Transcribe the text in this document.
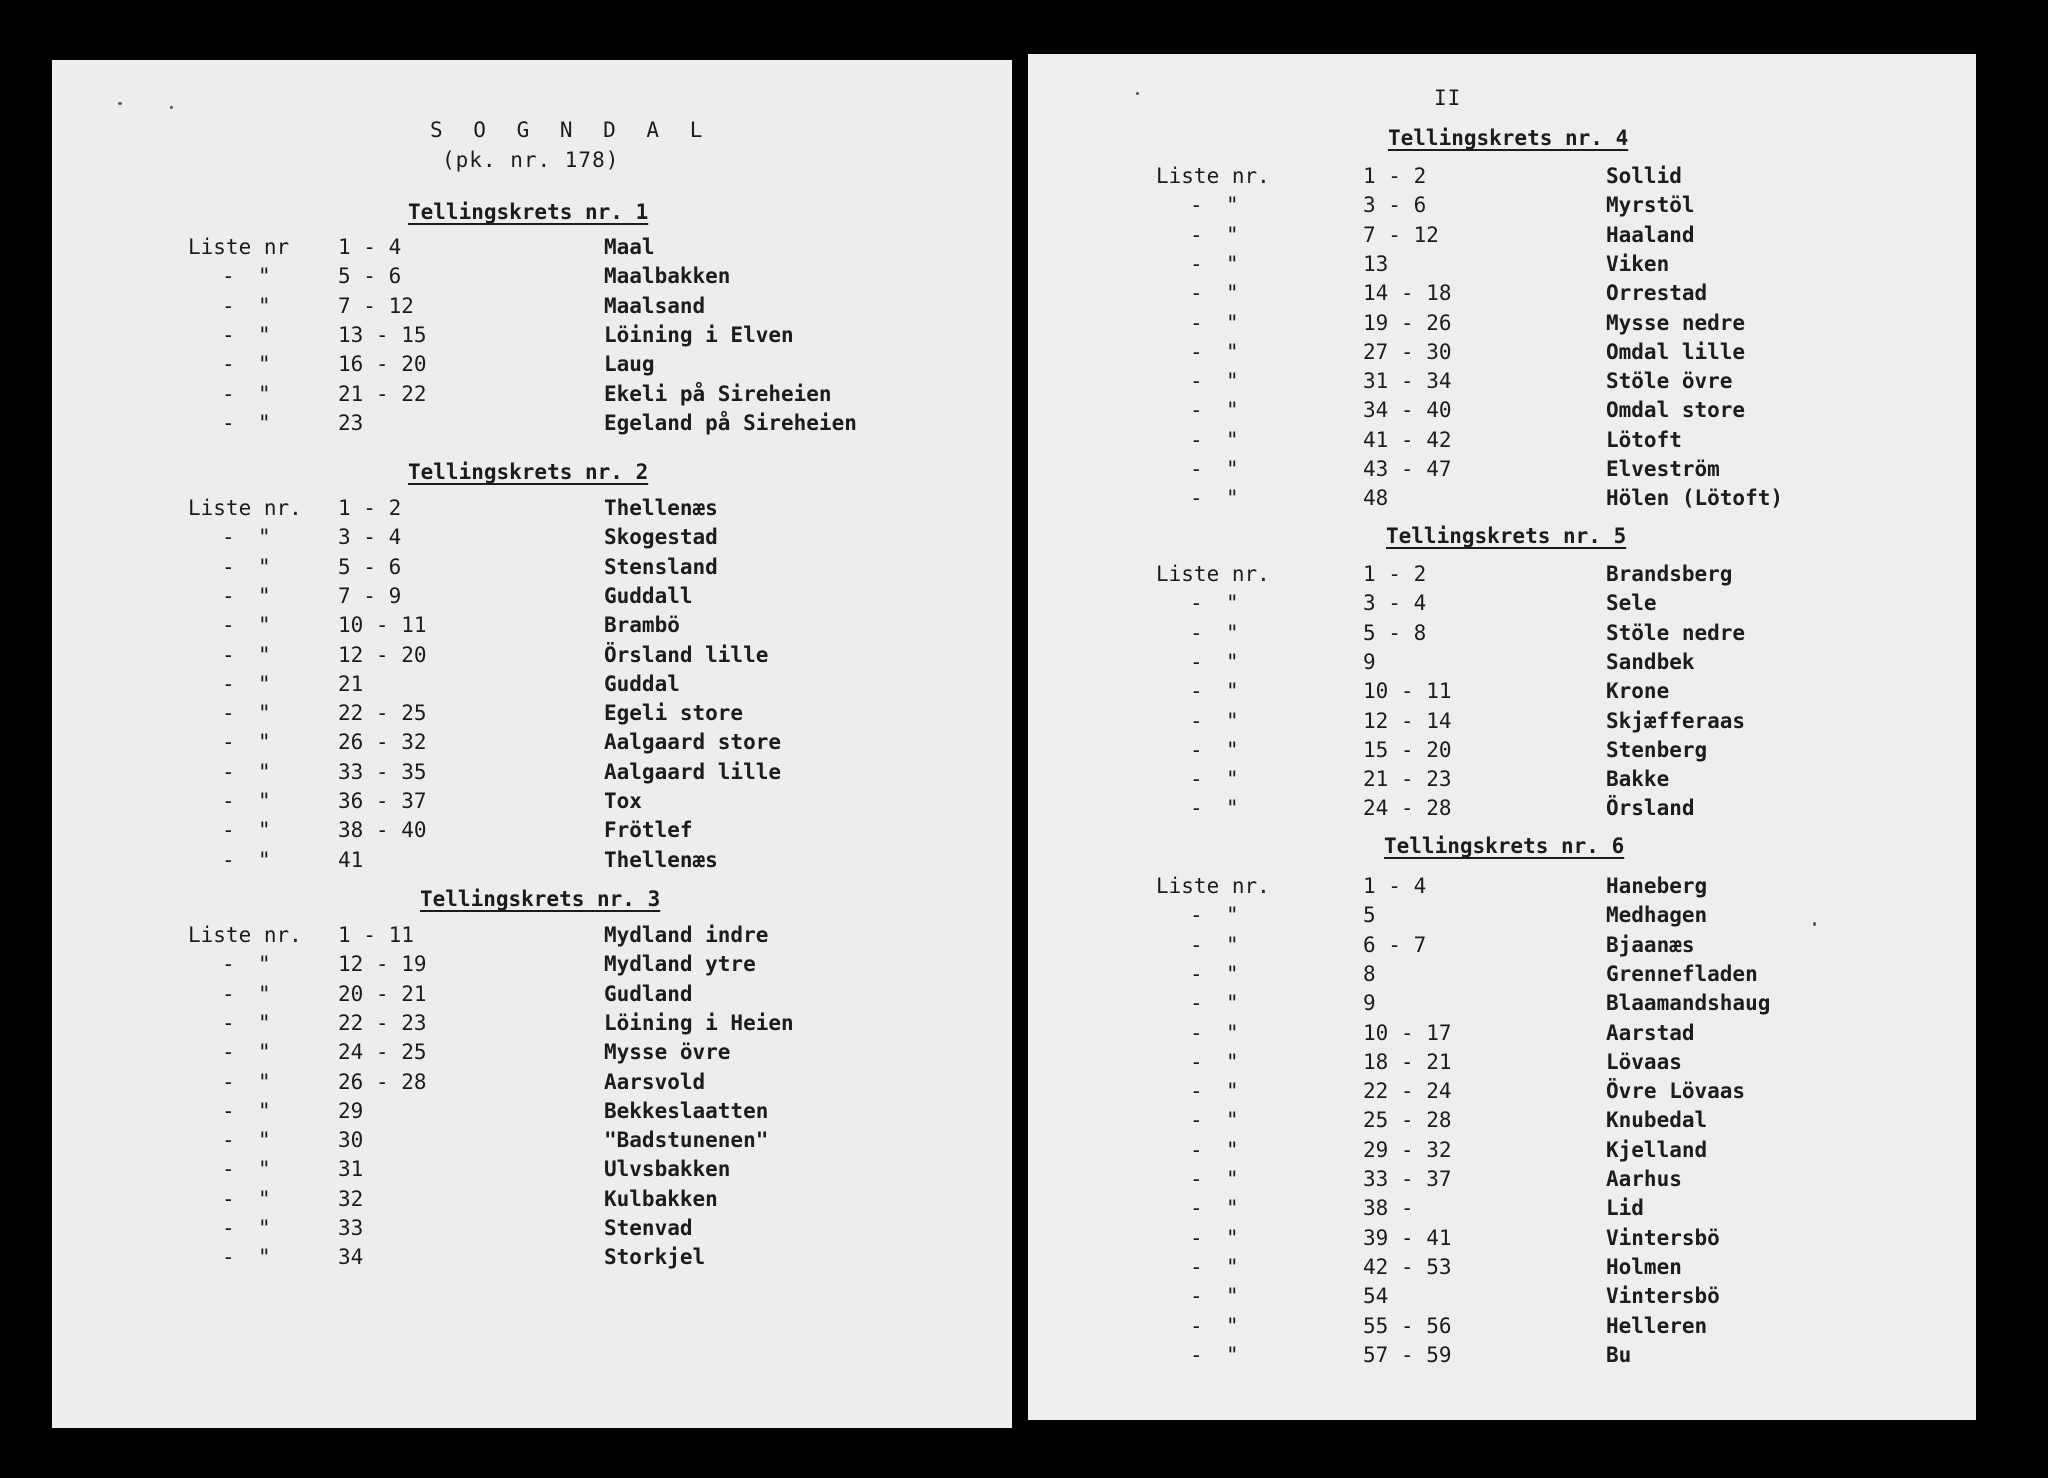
S O G N D A L
(pk. nr. 178)
Tellingskrets nr. 1
Liste nr 1 - 4	Maal
- "	5 - 6	Maalbakken
- "	7 - 12	Maalsand
- "	13 - 15	Löining i Elven
- "	16 - 20	Laug
- "	21 - 22	Ekeli på Sireheien
- "	23	Egeland på Sireheien
Tellingskrets nr. 2
Liste nr. 1 - 2	Thellenæs
- "	3 - 4	Skogestad
- "	5 - 6	Stensland
- "	7 - 9	Guddall
- "	10 - 11	Brambö
- "	12 - 20	Örsland lille
- "	21	Guddal
- "	22 - 25	Egeli store
- "	26 - 32	Aalgaard store
- "	33 - 35	Aalgaard lille
- "	36 - 37	Tox
- "	38 - 40	Frötlef
- "	41	Thellenæs
Tellingskrets nr. 3
Liste nr. 1 - 11	Mydland indre
- "	12 - 19	Mydland ytre
- "	20 - 21	Gudland
- "	22 - 23	Löining i Heien
- "	24 - 25	Mysse övre
- "	26 - 28	Aarsvold
- "	29	Bekkeslaatten
- "	30	"Badstunenen"
- "	31	Ulvsbakken
- "	32	Kulbakken
- "	33	Stenvad
- "	34	Storkjel
II
Tellingskrets nr. 4
Liste nr.	1 - 2	Sollid
- "	3 - 6	Myrstöl
- "	7 - 12	Haaland
- "	13	Viken
- "	14 - 18	Orrestad
- "	19 - 26	Mysse nedre
- "	27 - 30	Omdal lille
- "	31 - 34	Stöle övre
- "	34 - 40	Omdal store
- "	41 - 42	Lötoft
- "	43 - 47	Elveström
- "	48	Hölen (Lötoft)
Tellingskrets nr. 5
Liste nr.	1 - 2	Brandsberg
- "	3 - 4	Sele
- "	5 - 8	Stöle nedre
- "	9	Sandbek
- "	10 - 11	Krone
- "	12 - 14	Skjæfferaas
- "	15 - 20	Stenberg
- "	21 - 23	Bakke
- "	24 - 28	Örsland
Tellingskrets nr. 6
Liste nr.	1 - 4	Haneberg
- "	5	Medhagen
- "	6 - 7	Bjaanæs
- "	8	Grennefladen
- "	9	Blaamandshaug
- "	10 - 17	Aarstad
- "	18 - 21	Lövaas
- "	22 - 24	Övre Lövaas
- "	25 - 28	Knubedal
- "	29 - 32	Kjelland
- "	33 - 37	Aarhus
- "	38 -	Lid
- "	39 - 41	Vintersbö
- "	42 - 53	Holmen
- "	54	Vintersbö
- "	55 - 56	Helleren
- "	57 - 59	Bu
